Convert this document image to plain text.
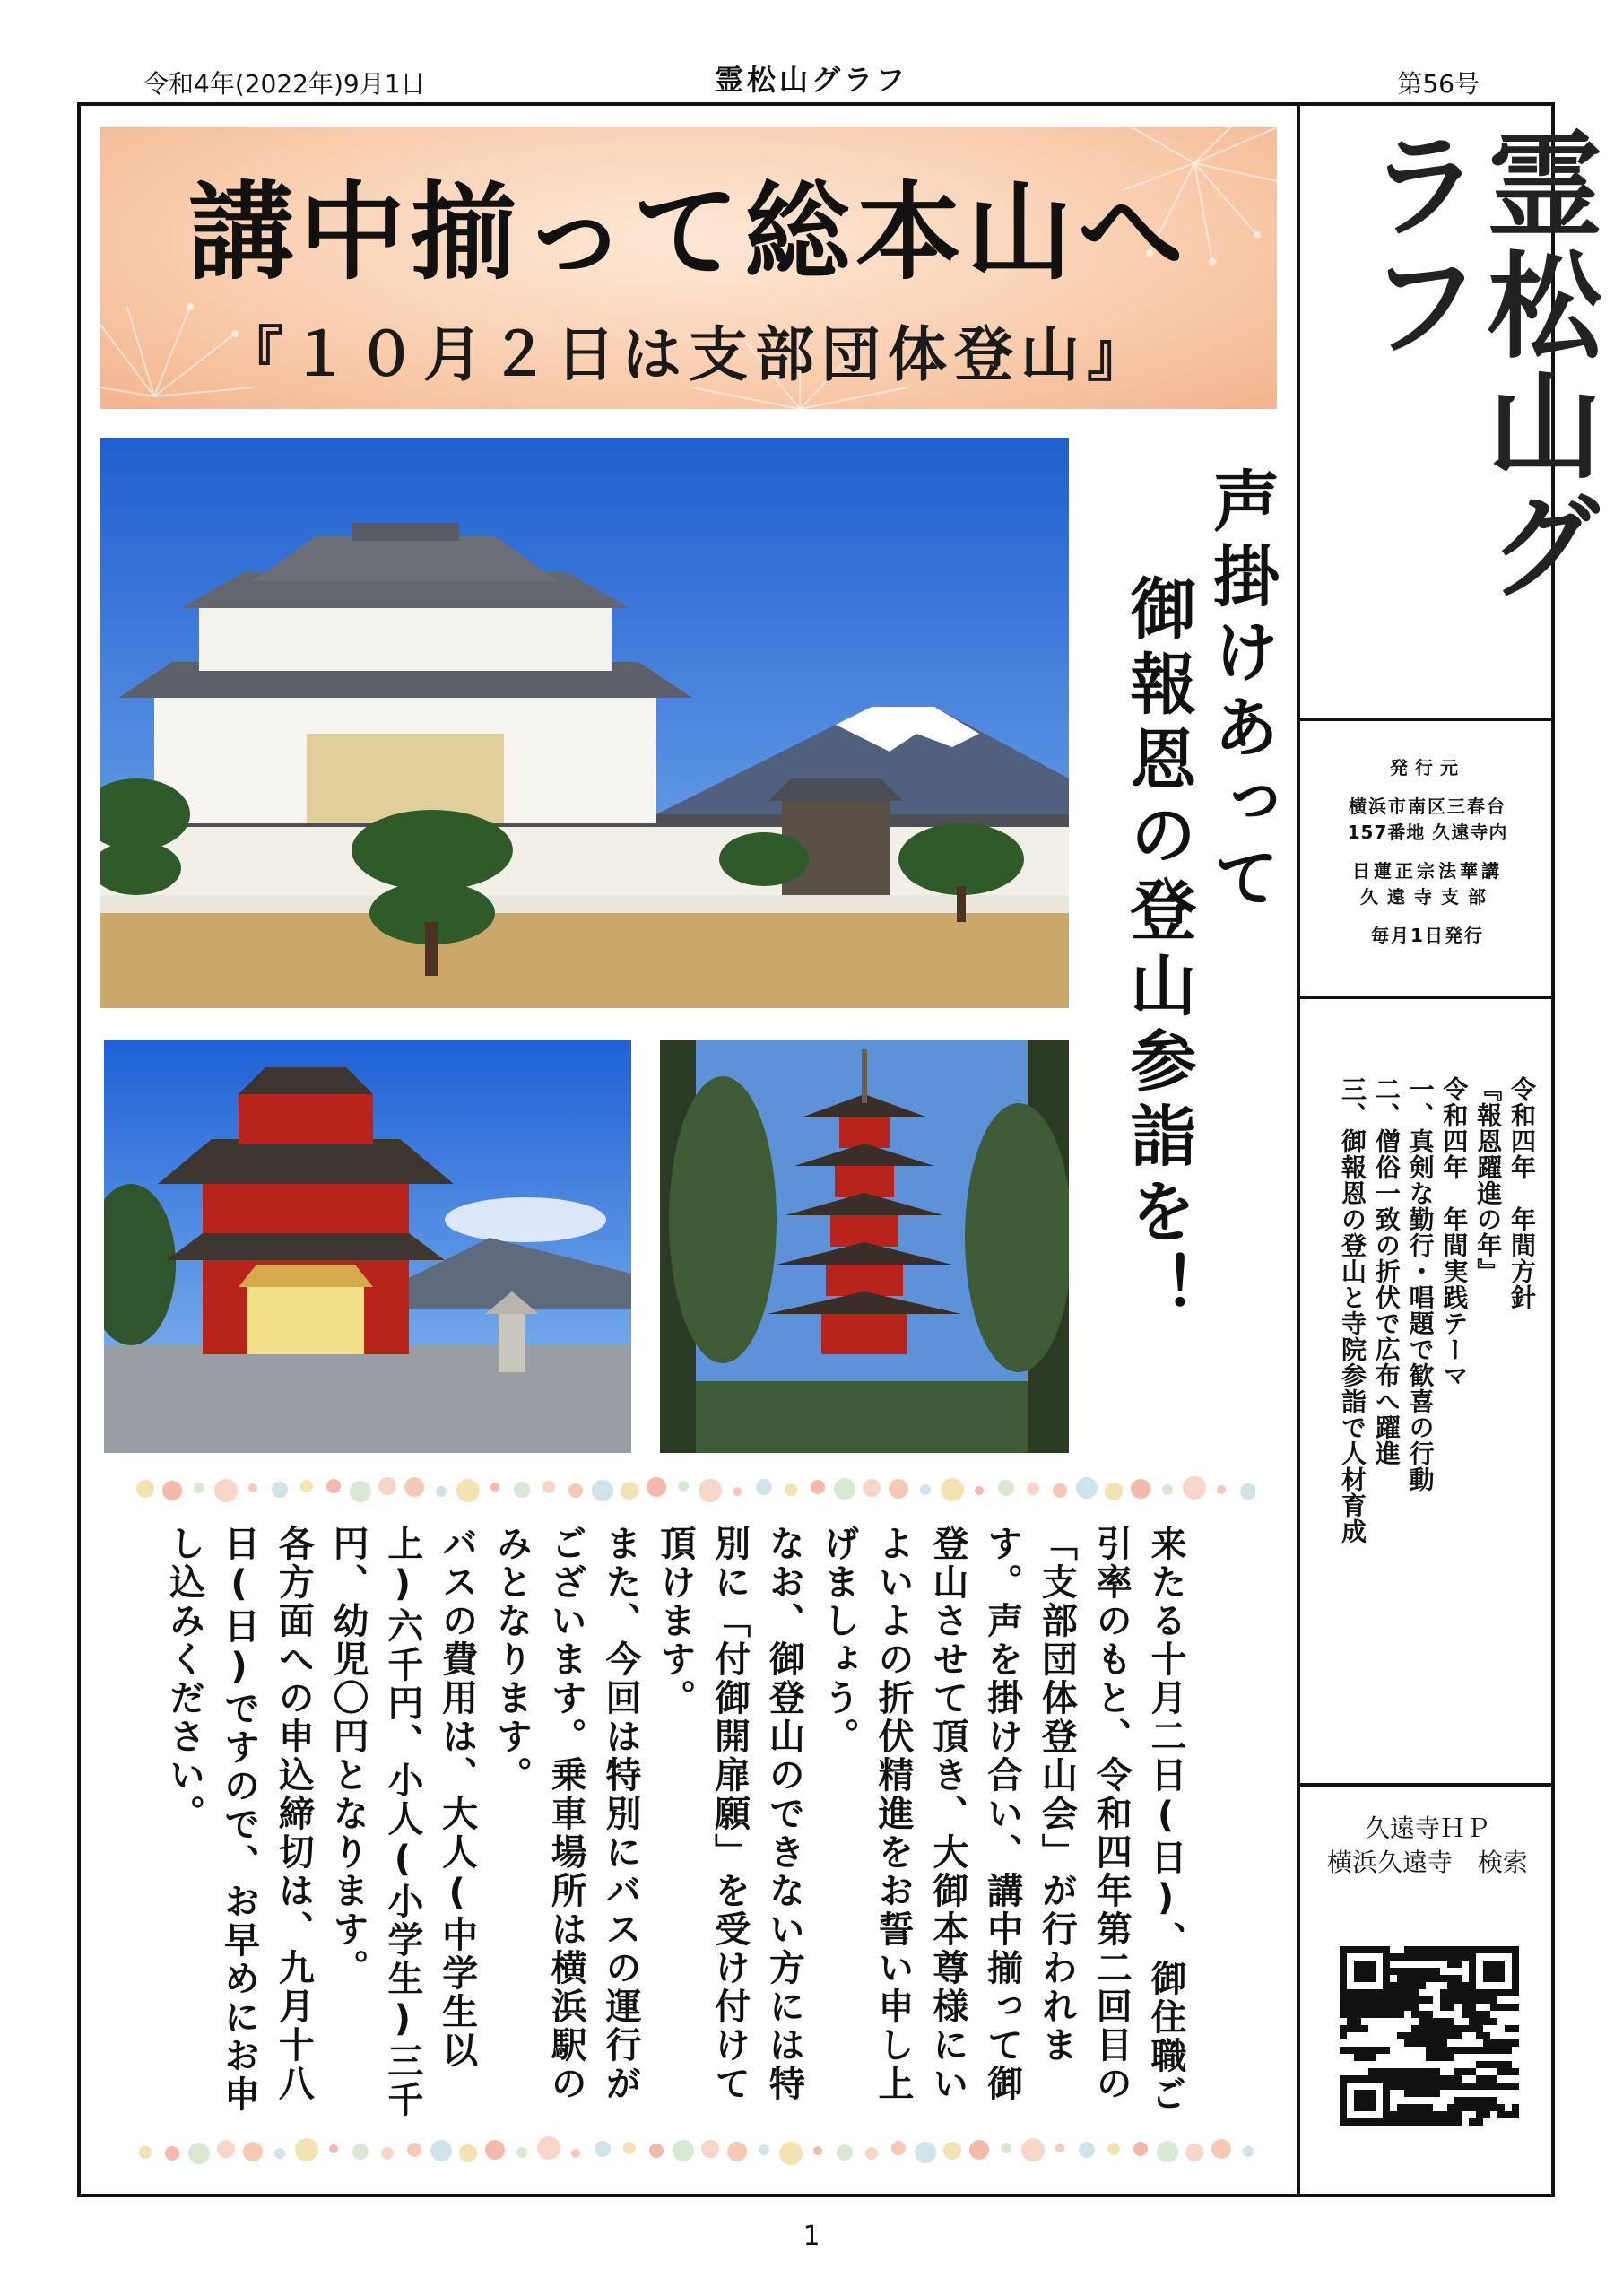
令和4年(2022年)9月1日	霊松山グラフ	第56号
講中揃って総本山へ
『１０月２日は支部団体登山』
声掛けあって
御報恩の登山参詣を！

来たる十月二日(日)、御住職ご引率のもと、令和四年第二回目の「支部団体登山会」が行われます。声を掛け合い、講中揃って御登山させて頂き、大御本尊様にいよいよの折伏精進をお誓い申し上げましょう。

なお、御登山のできない方には特別に「付御開扉願」を受け付けて頂けます。

また、今回は特別にバスの運行がございます。乗車場所は横浜駅のみとなります。

バスの費用は、大人(中学生以上)六千円、小人(小学生)三千円、幼児〇円となります。

各方面への申込締切は、九月十八日(日)ですので、お早めにお申し込みください。

霊松山グラフ
発行元
横浜市南区三春台
157番地 久遠寺内
日蓮正宗法華講
久遠寺支部
毎月1日発行
令和四年　年間方針
『報恩躍進の年』
令和四年　年間実践テーマ
一、真剣な勤行・唱題で歓喜の行動
二、僧俗一致の折伏で広布へ躍進
三、御報恩の登山と寺院参詣で人材育成
久遠寺ＨＰ
横浜久遠寺　検索
1
